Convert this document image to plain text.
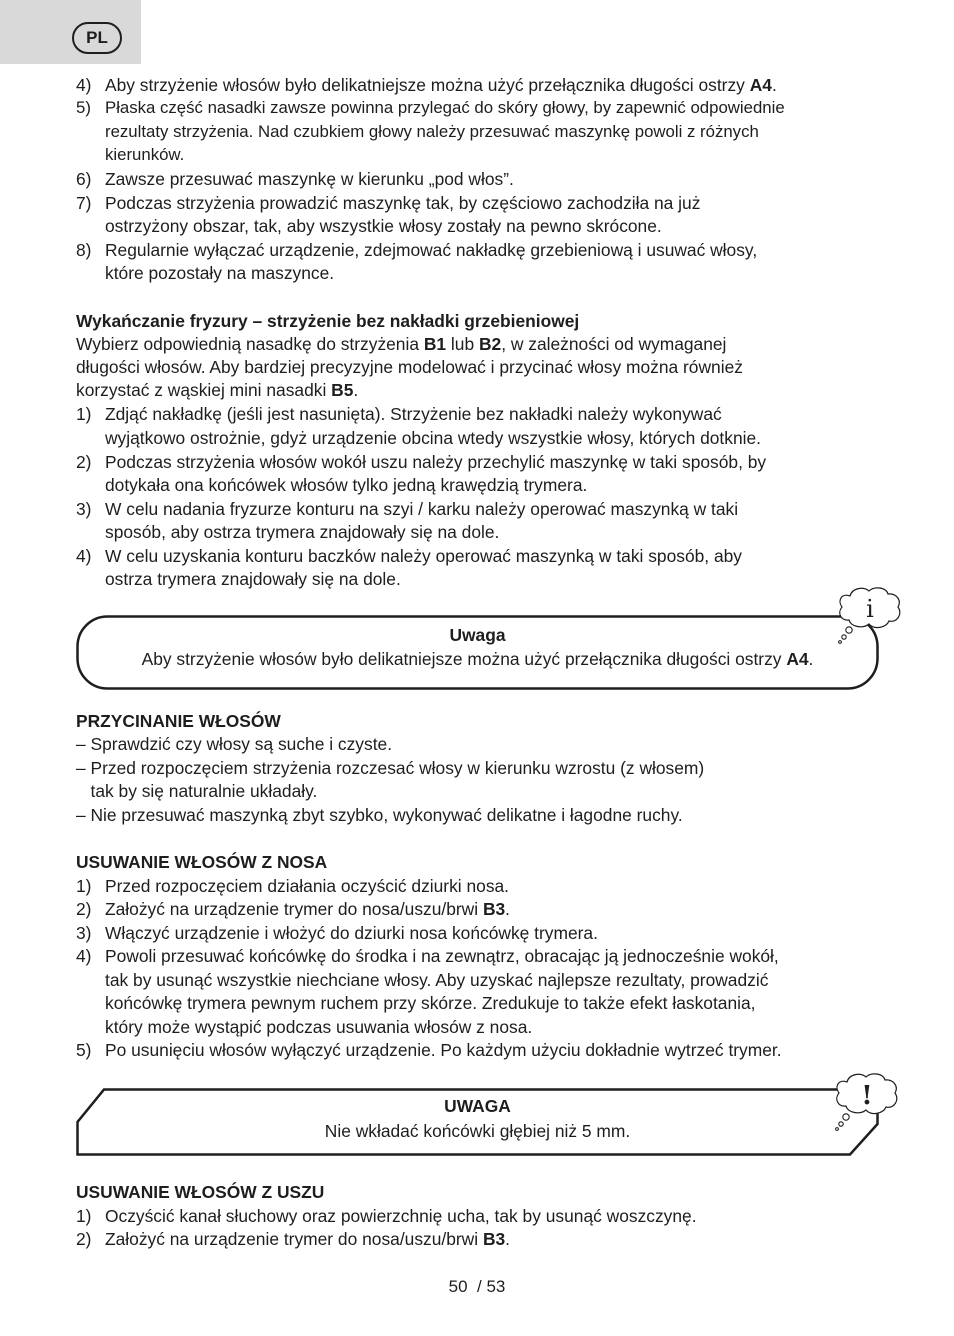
PL
4) Aby strzyżenie włosów było delikatniejsze można użyć przełącznika długości ostrzy A4.
5) Płaska część nasadki zawsze powinna przylegać do skóry głowy, by zapewnić odpowiednie
rezultaty strzyżenia. Nad czubkiem głowy należy przesuwać maszynkę powoli z różnych
kierunków.
6) Zawsze przesuwać maszynkę w kierunku „pod włos”.
7) Podczas strzyżenia prowadzić maszynkę tak, by częściowo zachodziła na już
ostrzyżony obszar, tak, aby wszystkie włosy zostały na pewno skrócone.
8) Regularnie wyłączać urządzenie, zdejmować nakładkę grzebieniową i usuwać włosy,
które pozostały na maszynce.
Wykańczanie fryzury – strzyżenie bez nakładki grzebieniowej
Wybierz odpowiednią nasadkę do strzyżenia B1 lub B2, w zależności od wymaganej
długości włosów. Aby bardziej precyzyjne modelować i przycinać włosy można również
korzystać z wąskiej mini nasadki B5.
1) Zdjąć nakładkę (jeśli jest nasunięta). Strzyżenie bez nakładki należy wykonywać
wyjątkowo ostrożnie, gdyż urządzenie obcina wtedy wszystkie włosy, których dotknie.
2) Podczas strzyżenia włosów wokół uszu należy przechylić maszynkę w taki sposób, by
dotykała ona końcówek włosów tylko jedną krawędzią trymera.
3) W celu nadania fryzurze konturu na szyi / karku należy operować maszynką w taki
sposób, aby ostrza trymera znajdowały się na dole.
4) W celu uzyskania konturu baczków należy operować maszynką w taki sposób, aby
ostrza trymera znajdowały się na dole.
Uwaga
Aby strzyżenie włosów było delikatniejsze można użyć przełącznika długości ostrzy A4.
i
PRZYCINANIE WŁOSÓW
– Sprawdzić czy włosy są suche i czyste.
– Przed rozpoczęciem strzyżenia rozczesać włosy w kierunku wzrostu (z włosem)
tak by się naturalnie układały.
– Nie przesuwać maszynką zbyt szybko, wykonywać delikatne i łagodne ruchy.
USUWANIE WŁOSÓW Z NOSA
1) Przed rozpoczęciem działania oczyścić dziurki nosa.
2) Założyć na urządzenie trymer do nosa/uszu/brwi B3.
3) Włączyć urządzenie i włożyć do dziurki nosa końcówkę trymera.
4) Powoli przesuwać końcówkę do środka i na zewnątrz, obracając ją jednocześnie wokół,
tak by usunąć wszystkie niechciane włosy. Aby uzyskać najlepsze rezultaty, prowadzić
końcówkę trymera pewnym ruchem przy skórze. Zredukuje to także efekt łaskotania,
który może wystąpić podczas usuwania włosów z nosa.
5) Po usunięciu włosów wyłączyć urządzenie. Po każdym użyciu dokładnie wytrzeć trymer.
UWAGA
Nie wkładać końcówki głębiej niż 5 mm.
!
USUWANIE WŁOSÓW Z USZU
1) Oczyścić kanał słuchowy oraz powierzchnię ucha, tak by usunąć woszczynę.
2) Założyć na urządzenie trymer do nosa/uszu/brwi B3.
50  / 53
